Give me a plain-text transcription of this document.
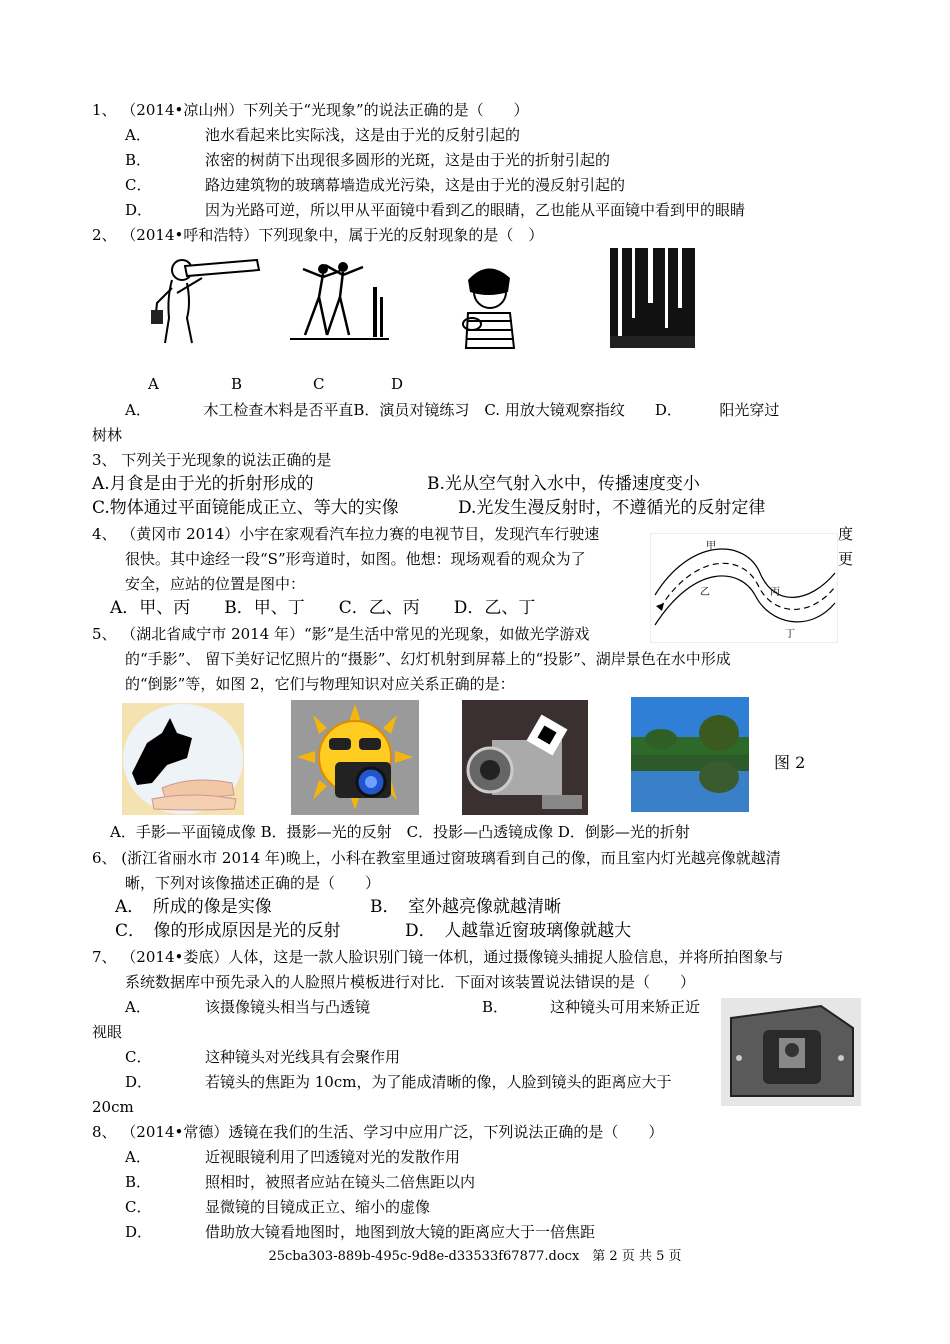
1、 （2014•凉山州）下列关于“光现象”的说法正确的是（　　）
A．	池水看起来比实际浅，这是由于光的反射引起的
B．	浓密的树荫下出现很多圆形的光斑，这是由于光的折射引起的
C．	路边建筑物的玻璃幕墙造成光污染，这是由于光的漫反射引起的
D．	因为光路可逆，所以甲从平面镜中看到乙的眼睛，乙也能从平面镜中看到甲的眼睛
2、 （2014•呼和浩特）下列现象中，属于光的反射现象的是（　）
A	B	C	D
A．　　　　木工检查木料是否平直B．演员对镜练习　C. 用放大镜观察指纹　　D．　　　阳光穿过
树林
3、 下列关于光现象的说法正确的是
A.月食是由于光的折射形成的	B.光从空气射入水中，传播速度变小
C.物体通过平面镜能成正立、等大的实像	D.光发生漫反射时，不遵循光的反射定律
4、 （黄冈市 2014）小宇在家观看汽车拉力赛的电视节目，发现汽车行驶速	度
很快。其中途经一段“S”形弯道时，如图。他想：现场观看的观众为了	更
安全，应站的位置是图中：
A．甲、丙　　B．甲、丁　　C．乙、丙　　D．乙、丁
甲
乙	丙
丁
5、 （湖北省咸宁市 2014 年）“影”是生活中常见的光现象，如做光学游戏
的“手影”、 留下美好记忆照片的“摄影”、幻灯机射到屏幕上的“投影”、湖岸景色在水中形成
的“倒影”等，如图 2，它们与物理知识对应关系正确的是：
图 2
A．手影—平面镜成像 B．摄影—光的反射　C．投影—凸透镜成像 D．倒影—光的折射
6、 (浙江省丽水市 2014 年)晚上，小科在教室里通过窗玻璃看到自己的像，而且室内灯光越亮像就越清
晰，下列对该像描述正确的是（　　）
A．　所成的像是实像	B．　室外越亮像就越清晰
C．　像的形成原因是光的反射	D．　人越靠近窗玻璃像就越大
7、 （2014•娄底）人体，这是一款人脸识别门镜一体机，通过摄像镜头捕捉人脸信息，并将所拍图象与
系统数据库中预先录入的人脸照片模板进行对比．下面对该装置说法错误的是（　　）
A．	该摄像镜头相当与凸透镜	B．	这种镜头可用来矫正近
视眼
C．	这种镜头对光线具有会聚作用
D．	若镜头的焦距为 10cm，为了能成清晰的像，人脸到镜头的距离应大于
20cm
8、 （2014•常德）透镜在我们的生活、学习中应用广泛，下列说法正确的是（　　）
A．	近视眼镜利用了凹透镜对光的发散作用
B．	照相时，被照者应站在镜头二倍焦距以内
C．	显微镜的目镜成正立、缩小的虚像
D．	借助放大镜看地图时，地图到放大镜的距离应大于一倍焦距
25cba303-889b-495c-9d8e-d33533f67877.docx　第 2 页 共 5 页
